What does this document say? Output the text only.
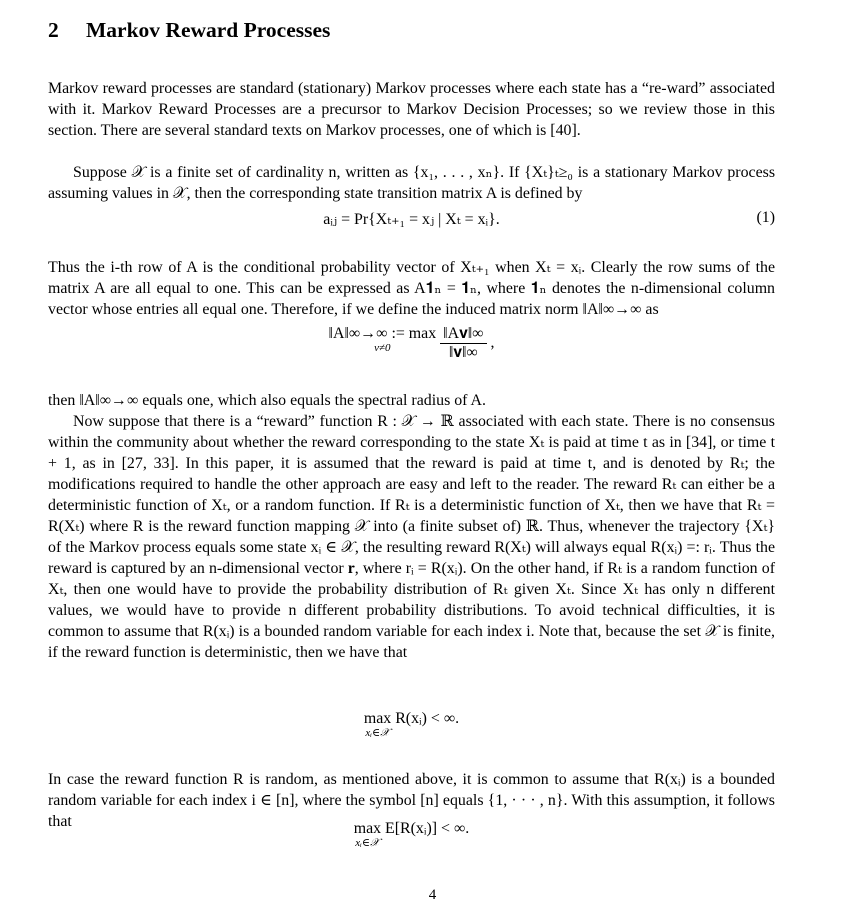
2 Markov Reward Processes

Markov reward processes are standard (stationary) Markov processes where each state has a “re-ward” associated with it. Markov Reward Processes are a precursor to Markov Decision Processes; so we review those in this section. There are several standard texts on Markov processes, one of which is [40].

Suppose 𝒳 is a finite set of cardinality n, written as {x₁, . . . , xₙ}. If {Xₜ}ₜ≥₀ is a stationary Markov process assuming values in 𝒳, then the corresponding state transition matrix A is defined by

aᵢⱼ = Pr{Xₜ₊₁ = xⱼ | Xₜ = xᵢ}.	(1)

Thus the i-th row of A is the conditional probability vector of Xₜ₊₁ when Xₜ = xᵢ. Clearly the row sums of the matrix A are all equal to one. This can be expressed as A𝟏ₙ = 𝟏ₙ, where 𝟏ₙ denotes the n-dimensional column vector whose entries all equal one. Therefore, if we define the induced matrix norm ‖A‖∞→∞ as

‖A‖∞→∞ := max
v≠0
	$\frac{\text{‖A𝐯‖∞}}{\text{‖𝐯‖∞}}$ ,

then ‖A‖∞→∞ equals one, which also equals the spectral radius of A.

Now suppose that there is a “reward” function R : 𝒳 → ℝ associated with each state. There is no consensus within the community about whether the reward corresponding to the state Xₜ is paid at time t as in [34], or time t + 1, as in [27, 33]. In this paper, it is assumed that the reward is paid at time t, and is denoted by Rₜ; the modifications required to handle the other approach are easy and left to the reader. The reward Rₜ can either be a deterministic function of Xₜ, or a random function. If Rₜ is a deterministic function of Xₜ, then we have that Rₜ = R(Xₜ) where R is the reward function mapping 𝒳 into (a finite subset of) ℝ. Thus, whenever the trajectory {Xₜ} of the Markov process equals some state xᵢ ∈ 𝒳, the resulting reward R(Xₜ) will always equal R(xᵢ) =: rᵢ. Thus the reward is captured by an n-dimensional vector 𝐫, where rᵢ = R(xᵢ). On the other hand, if Rₜ is a random function of Xₜ, then one would have to provide the probability distribution of Rₜ given Xₜ. Since Xₜ has only n different values, we would have to provide n different probability distributions. To avoid technical difficulties, it is common to assume that R(xᵢ) is a bounded random variable for each index i. Note that, because the set 𝒳 is finite, if the reward function is deterministic, then we have that

max
xᵢ∈𝒳
R(xᵢ) < ∞.

In case the reward function R is random, as mentioned above, it is common to assume that R(xᵢ) is a bounded random variable for each index i ∈ [n], where the symbol [n] equals {1, · · · , n}. With this assumption, it follows that	max
xᵢ∈𝒳
E[R(xᵢ)] < ∞.
4
